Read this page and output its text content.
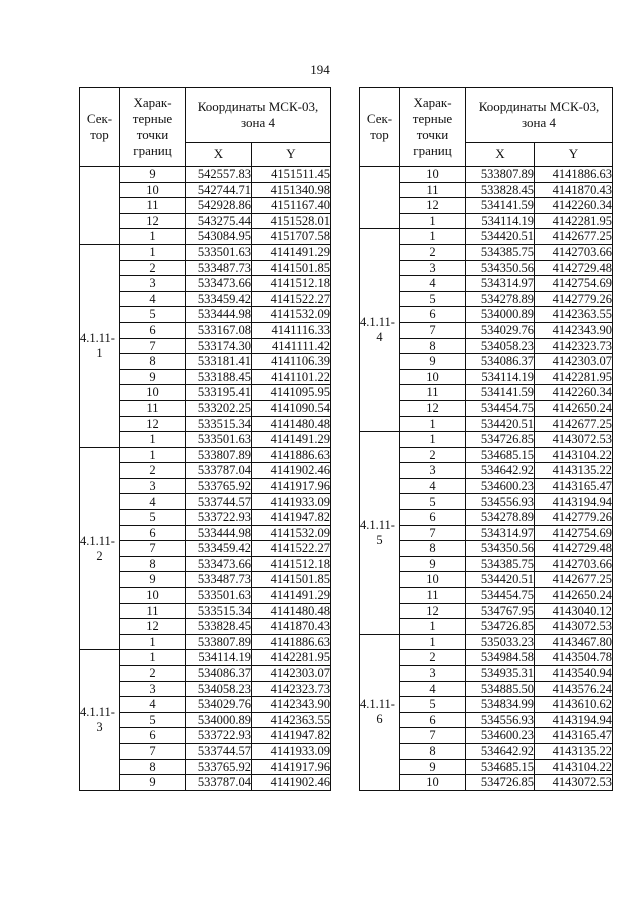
194
Сек-тор	Харак-терные точки границ	Координаты МСК-03, зона 4	
		X	Y

	9	542557.83	4151511.45
	10	542744.71	4151340.98
	11	542928.86	4151167.40
	12	543275.44	4151528.01
	1	543084.95	4151707.58
4.1.11-
1	1	533501.63	4141491.29
	2	533487.73	4141501.85
	3	533473.66	4141512.18
	4	533459.42	4141522.27
	5	533444.98	4141532.09
	6	533167.08	4141116.33
	7	533174.30	4141111.42
	8	533181.41	4141106.39
	9	533188.45	4141101.22
	10	533195.41	4141095.95
	11	533202.25	4141090.54
	12	533515.34	4141480.48
	1	533501.63	4141491.29
4.1.11-
2	1	533807.89	4141886.63
	2	533787.04	4141902.46
	3	533765.92	4141917.96
	4	533744.57	4141933.09
	5	533722.93	4141947.82
	6	533444.98	4141532.09
	7	533459.42	4141522.27
	8	533473.66	4141512.18
	9	533487.73	4141501.85
	10	533501.63	4141491.29
	11	533515.34	4141480.48
	12	533828.45	4141870.43
	1	533807.89	4141886.63
4.1.11-
3	1	534114.19	4142281.95
	2	534086.37	4142303.07
	3	534058.23	4142323.73
	4	534029.76	4142343.90
	5	534000.89	4142363.55
	6	533722.93	4141947.82
	7	533744.57	4141933.09
	8	533765.92	4141917.96
	9	533787.04	4141902.46
Сек-тор	Харак-терные точки границ	Координаты МСК-03, зона 4	
		X	Y

	10	533807.89	4141886.63
	11	533828.45	4141870.43
	12	534141.59	4142260.34
	1	534114.19	4142281.95
4.1.11-
4	1	534420.51	4142677.25
	2	534385.75	4142703.66
	3	534350.56	4142729.48
	4	534314.97	4142754.69
	5	534278.89	4142779.26
	6	534000.89	4142363.55
	7	534029.76	4142343.90
	8	534058.23	4142323.73
	9	534086.37	4142303.07
	10	534114.19	4142281.95
	11	534141.59	4142260.34
	12	534454.75	4142650.24
	1	534420.51	4142677.25
4.1.11-
5	1	534726.85	4143072.53
	2	534685.15	4143104.22
	3	534642.92	4143135.22
	4	534600.23	4143165.47
	5	534556.93	4143194.94
	6	534278.89	4142779.26
	7	534314.97	4142754.69
	8	534350.56	4142729.48
	9	534385.75	4142703.66
	10	534420.51	4142677.25
	11	534454.75	4142650.24
	12	534767.95	4143040.12
	1	534726.85	4143072.53
4.1.11-
6	1	535033.23	4143467.80
	2	534984.58	4143504.78
	3	534935.31	4143540.94
	4	534885.50	4143576.24
	5	534834.99	4143610.62
	6	534556.93	4143194.94
	7	534600.23	4143165.47
	8	534642.92	4143135.22
	9	534685.15	4143104.22
	10	534726.85	4143072.53
